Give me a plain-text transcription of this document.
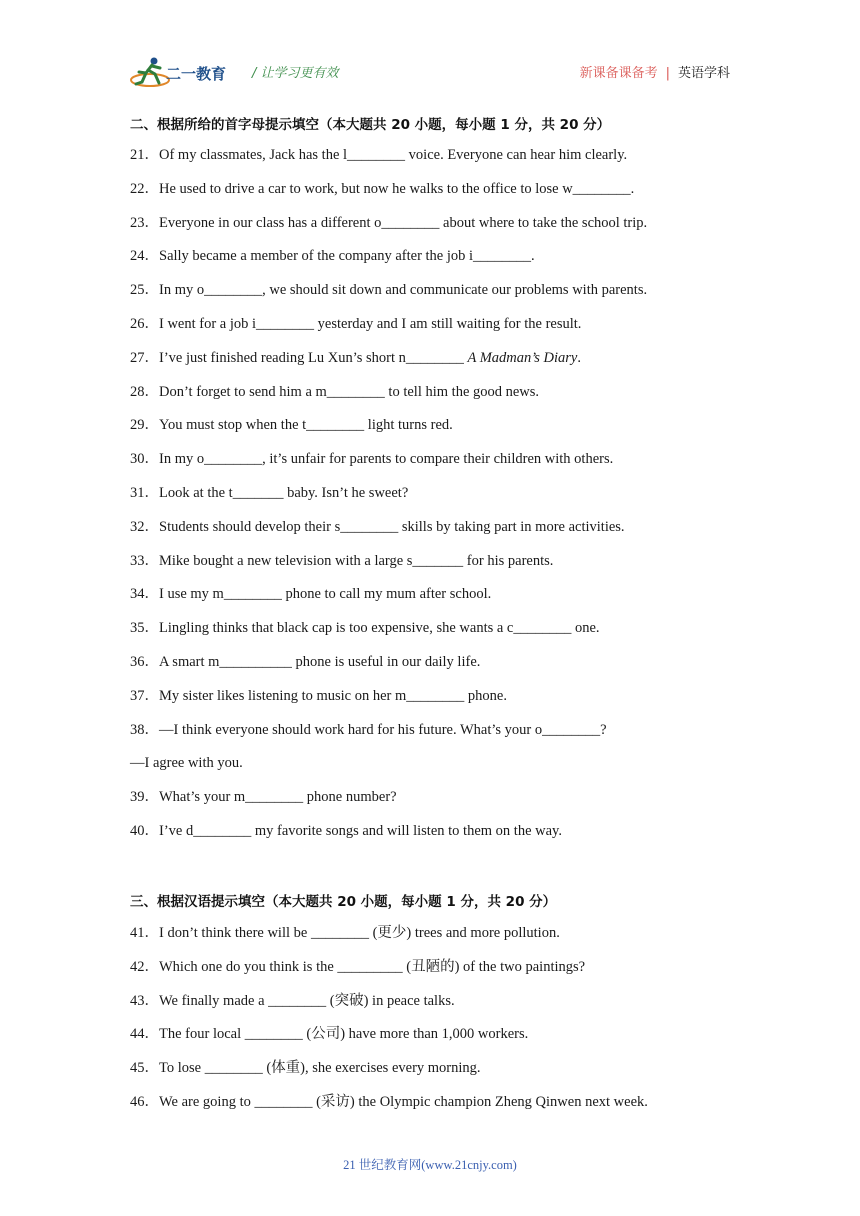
二一教育 / 让学习更有效	新课备课备考 | 英语学科
二、根据所给的首字母提示填空（本大题共 20 小题，每小题 1 分，共 20 分）
21．Of my classmates, Jack has the l________ voice. Everyone can hear him clearly.
22．He used to drive a car to work, but now he walks to the office to lose w________.
23．Everyone in our class has a different o________ about where to take the school trip.
24．Sally became a member of the company after the job i________.
25．In my o________, we should sit down and communicate our problems with parents.
26．I went for a job i________ yesterday and I am still waiting for the result.
27．I’ve just finished reading Lu Xun’s short n________ A Madman’s Diary.
28．Don’t forget to send him a m________ to tell him the good news.
29．You must stop when the t________ light turns red.
30．In my o________, it’s unfair for parents to compare their children with others.
31．Look at the t_______ baby. Isn’t he sweet?
32．Students should develop their s________ skills by taking part in more activities.
33．Mike bought a new television with a large s_______ for his parents.
34．I use my m________ phone to call my mum after school.
35．Lingling thinks that black cap is too expensive, she wants a c________ one.
36．A smart m__________ phone is useful in our daily life.
37．My sister likes listening to music on her m________ phone.
38．—I think everyone should work hard for his future. What’s your o________?
—I agree with you.
39．What’s your m________ phone number?
40．I’ve d________ my favorite songs and will listen to them on the way.
三、根据汉语提示填空（本大题共 20 小题，每小题 1 分，共 20 分）
41．I don’t think there will be ________ (更少) trees and more pollution.
42．Which one do you think is the _________ (丑陋的) of the two paintings?
43．We finally made a ________ (突破) in peace talks.
44．The four local ________ (公司) have more than 1,000 workers.
45．To lose ________ (体重), she exercises every morning.
46．We are going to ________ (采访) the Olympic champion Zheng Qinwen next week.
21 世纪教育网(www.21cnjy.com)
